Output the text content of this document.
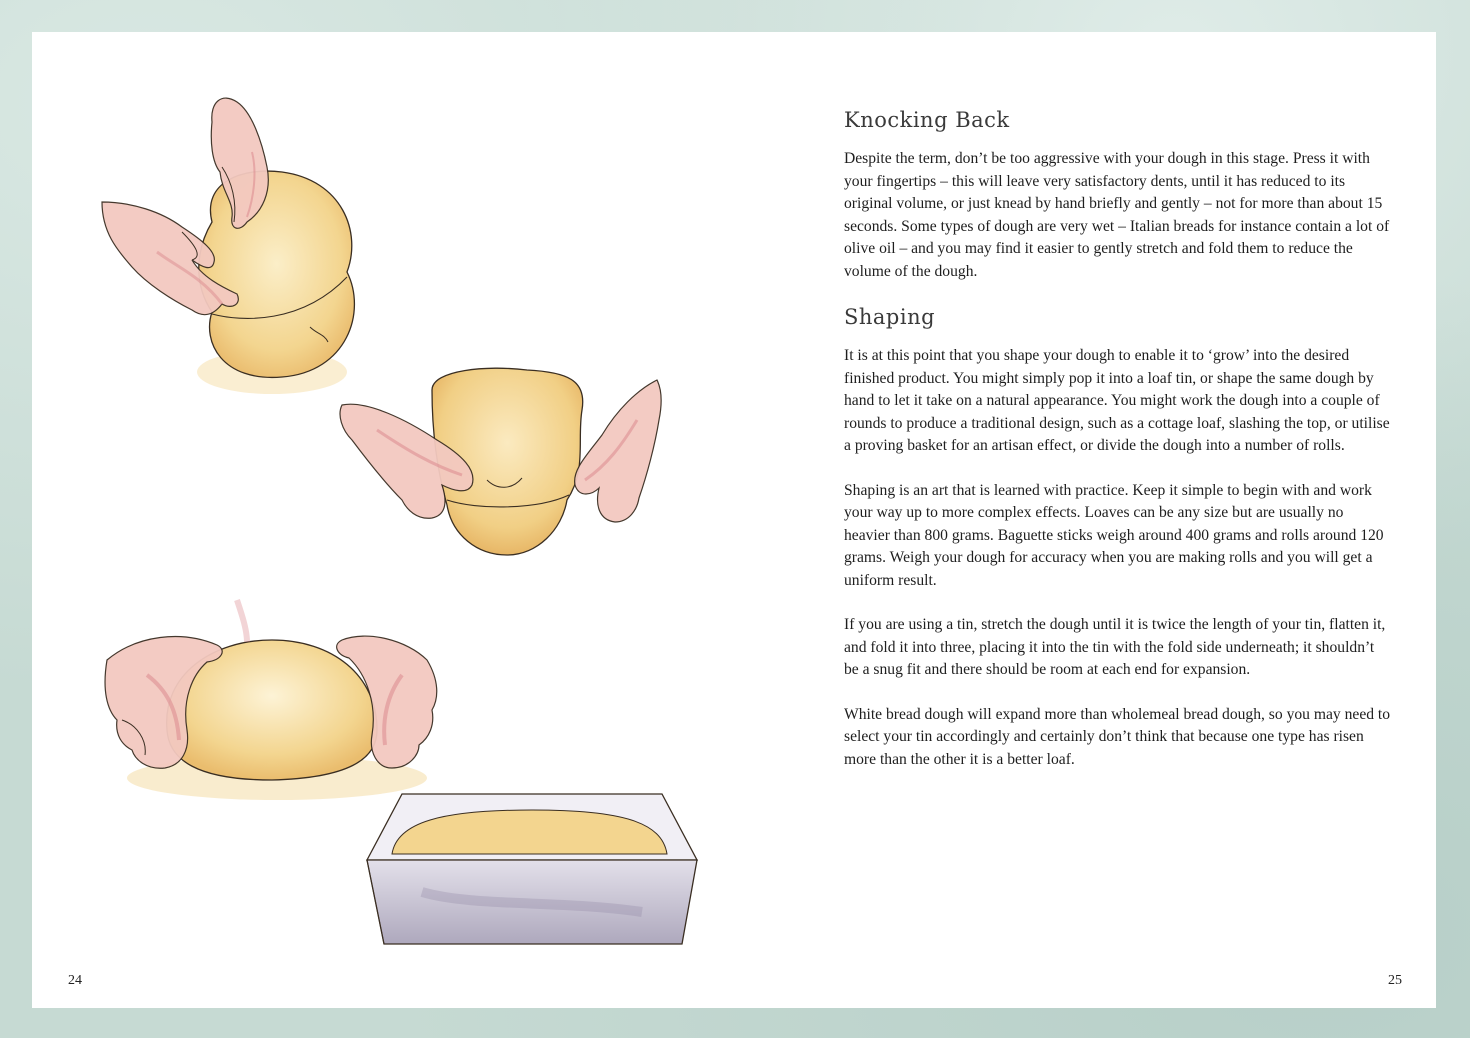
24
Knocking Back

Despite the term, don’t be too aggressive with your dough in this stage. Press it with your fingertips – this will leave very satisfactory dents, until it has reduced to its original volume, or just knead by hand briefly and gently – not for more than about 15 seconds. Some types of dough are very wet – Italian breads for instance contain a lot of olive oil – and you may find it easier to gently stretch and fold them to reduce the volume of the dough.

Shaping

It is at this point that you shape your dough to enable it to ‘grow’ into the desired finished product. You might simply pop it into a loaf tin, or shape the same dough by hand to let it take on a natural appearance. You might work the dough into a couple of rounds to produce a traditional design, such as a cottage loaf, slashing the top, or utilise a proving basket for an artisan effect, or divide the dough into a number of rolls.

Shaping is an art that is learned with practice. Keep it simple to begin with and work your way up to more complex effects. Loaves can be any size but are usually no heavier than 800 grams. Baguette sticks weigh around 400 grams and rolls around 120 grams. Weigh your dough for accuracy when you are making rolls and you will get a uniform result.

If you are using a tin, stretch the dough until it is twice the length of your tin, flatten it, and fold it into three, placing it into the tin with the fold side underneath; it shouldn’t be a snug fit and there should be room at each end for expansion.

White bread dough will expand more than wholemeal bread dough, so you may need to select your tin accordingly and certainly don’t think that because one type has risen more than the other it is a better loaf.

25
